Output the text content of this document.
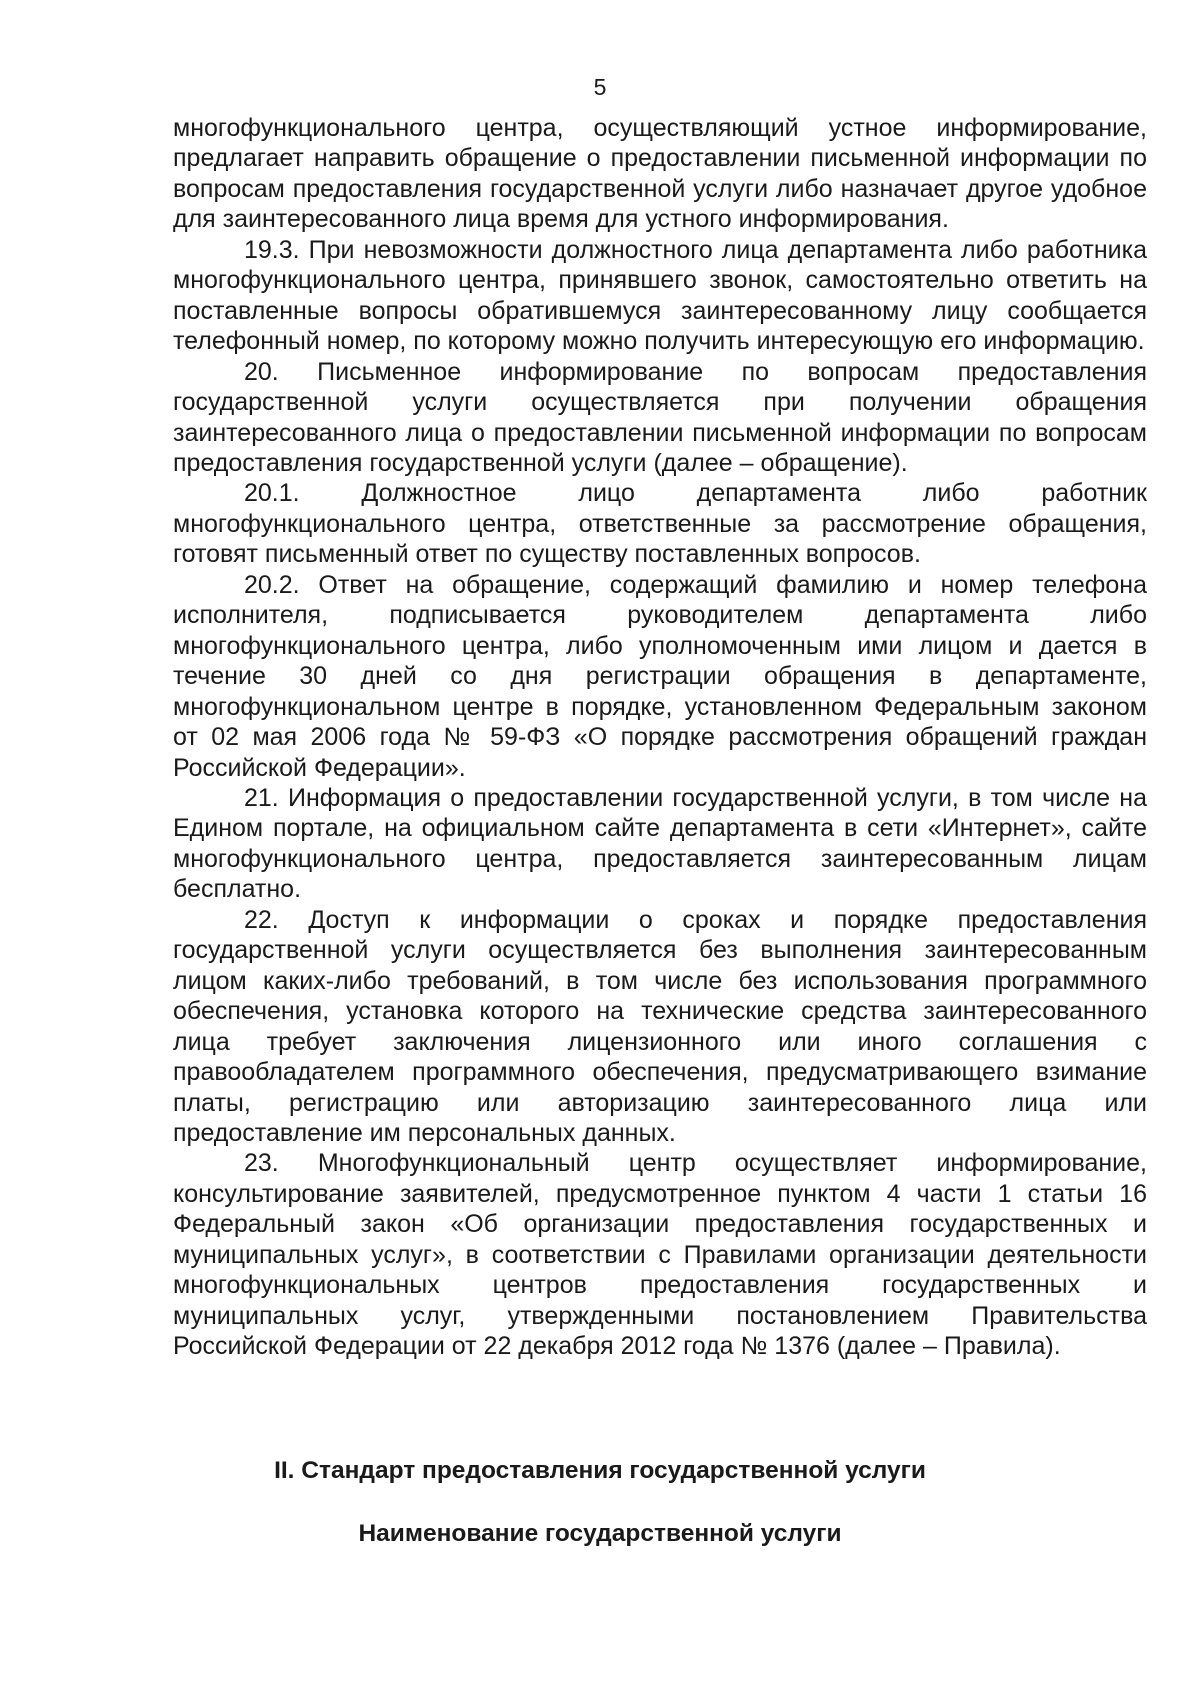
5

многофункционального центра, осуществляющий устное информирование, предлагает направить обращение о предоставлении письменной информации по вопросам предоставления государственной услуги либо назначает другое удобное для заинтересованного лица время для устного информирования.

19.3. При невозможности должностного лица департамента либо работника многофункционального центра, принявшего звонок, самостоятельно ответить на поставленные вопросы обратившемуся заинтересованному лицу сообщается телефонный номер, по которому можно получить интересующую его информацию.

20. Письменное информирование по вопросам предоставления государственной услуги осуществляется при получении обращения заинтересованного лица о предоставлении письменной информации по вопросам предоставления государственной услуги (далее – обращение).

20.1. Должностное лицо департамента либо работник многофункционального центра, ответственные за рассмотрение обращения, готовят письменный ответ по существу поставленных вопросов.

20.2. Ответ на обращение, содержащий фамилию и номер телефона исполнителя, подписывается руководителем департамента либо многофункционального центра, либо уполномоченным ими лицом и дается в течение 30 дней со дня регистрации обращения в департаменте, многофункциональном центре в порядке, установленном Федеральным законом от 02 мая 2006 года № 59-ФЗ «О порядке рассмотрения обращений граждан Российской Федерации».

21. Информация о предоставлении государственной услуги, в том числе на Едином портале, на официальном сайте департамента в сети «Интернет», сайте многофункционального центра, предоставляется заинтересованным лицам бесплатно.

22. Доступ к информации о сроках и порядке предоставления государственной услуги осуществляется без выполнения заинтересованным лицом каких-либо требований, в том числе без использования программного обеспечения, установка которого на технические средства заинтересованного лица требует заключения лицензионного или иного соглашения с правообладателем программного обеспечения, предусматривающего взимание платы, регистрацию или авторизацию заинтересованного лица или предоставление им персональных данных.

23. Многофункциональный центр осуществляет информирование, консультирование заявителей, предусмотренное пунктом 4 части 1 статьи 16 Федеральный закон «Об организации предоставления государственных и муниципальных услуг», в соответствии с Правилами организации деятельности многофункциональных центров предоставления государственных и муниципальных услуг, утвержденными постановлением Правительства Российской Федерации от 22 декабря 2012 года № 1376 (далее – Правила).

II. Стандарт предоставления государственной услуги
Наименование государственной услуги
